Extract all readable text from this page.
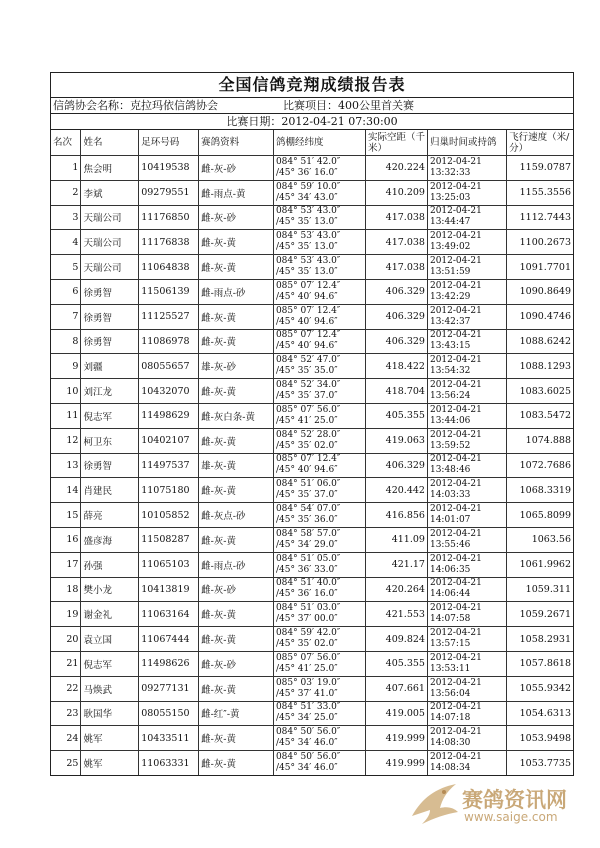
全国信鸽竞翔成绩报告表
信鸽协会名称：克拉玛依信鸽协会	比赛项目：400公里首关赛
比赛日期：2012-04-21 07:30:00
名次	姓名	足环号码	赛鸽资料	鸽棚经纬度	实际空距（千米）	归巢时间或持鸽	飞行速度（米/分）
1	焦会明	10419538	雌-灰-砂	084° 51′ 42.0″
/45° 36′ 16.0″	420.224	2012-04-21
13:32:33	1159.0787
2	李斌	09279551	雌-雨点-黄	084° 59′ 10.0″
/45° 34′ 43.0″	410.209	2012-04-21
13:25:03	1155.3556
3	天瑞公司	11176850	雌-灰-砂	084° 53′ 43.0″
/45° 35′ 13.0″	417.038	2012-04-21
13:44:47	1112.7443
4	天瑞公司	11176838	雌-灰-黄	084° 53′ 43.0″
/45° 35′ 13.0″	417.038	2012-04-21
13:49:02	1100.2673
5	天瑞公司	11064838	雌-灰-黄	084° 53′ 43.0″
/45° 35′ 13.0″	417.038	2012-04-21
13:51:59	1091.7701
6	徐勇智	11506139	雌-雨点-砂	085° 07′ 12.4″
/45° 40′ 94.6″	406.329	2012-04-21
13:42:29	1090.8649
7	徐勇智	11125527	雌-灰-黄	085° 07′ 12.4″
/45° 40′ 94.6″	406.329	2012-04-21
13:42:37	1090.4746
8	徐勇智	11086978	雌-灰-黄	085° 07′ 12.4″
/45° 40′ 94.6″	406.329	2012-04-21
13:43:15	1088.6242
9	刘疆	08055657	雄-灰-砂	084° 52′ 47.0″
/45° 35′ 35.0″	418.422	2012-04-21
13:54:32	1088.1293
10	刘江龙	10432070	雌-灰-黄	084° 52′ 34.0″
/45° 35′ 37.0″	418.704	2012-04-21
13:56:24	1083.6025
11	倪志军	11498629	雌-灰白条-黄	085° 07′ 56.0″
/45° 41′ 25.0″	405.355	2012-04-21
13:44:06	1083.5472
12	柯卫东	10402107	雌-灰-黄	084° 52′ 28.0″
/45° 35′ 02.0″	419.063	2012-04-21
13:59:52	1074.888
13	徐勇智	11497537	雄-灰-黄	085° 07′ 12.4″
/45° 40′ 94.6″	406.329	2012-04-21
13:48:46	1072.7686
14	肖建民	11075180	雌-灰-黄	084° 51′ 06.0″
/45° 35′ 37.0″	420.442	2012-04-21
14:03:33	1068.3319
15	薛亮	10105852	雌-灰点-砂	084° 54′ 07.0″
/45° 35′ 36.0″	416.856	2012-04-21
14:01:07	1065.8099
16	盛彦海	11508287	雌-灰-黄	084° 58′ 57.0″
/45° 34′ 29.0″	411.09	2012-04-21
13:55:46	1063.56
17	孙强	11065103	雌-雨点-砂	084° 51′ 05.0″
/45° 36′ 33.0″	421.17	2012-04-21
14:06:35	1061.9962
18	樊小龙	10413819	雌-灰-砂	084° 51′ 40.0″
/45° 36′ 16.0″	420.264	2012-04-21
14:06:44	1059.311
19	谢金礼	11063164	雌-灰-黄	084° 51′ 03.0″
/45° 37′ 00.0″	421.553	2012-04-21
14:07:58	1059.2671
20	袁立国	11067444	雌-灰-黄	084° 59′ 42.0″
/45° 35′ 02.0″	409.824	2012-04-21
13:57:15	1058.2931
21	倪志军	11498626	雌-灰-砂	085° 07′ 56.0″
/45° 41′ 25.0″	405.355	2012-04-21
13:53:11	1057.8618
22	马焕武	09277131	雌-灰-黄	085° 03′ 19.0″
/45° 37′ 41.0″	407.661	2012-04-21
13:56:04	1055.9342
23	耿国华	08055150	雌-红″-黄	084° 51′ 33.0″
/45° 34′ 25.0″	419.005	2012-04-21
14:07:18	1054.6313
24	姚军	10433511	雌-灰-黄	084° 50′ 56.0″
/45° 34′ 46.0″	419.999	2012-04-21
14:08:30	1053.9498
25	姚军	11063331	雌-灰-黄	084° 50′ 56.0″
/45° 34′ 46.0″	419.999	2012-04-21
14:08:34	1053.7735
赛鸽资讯网
www.saige.com
